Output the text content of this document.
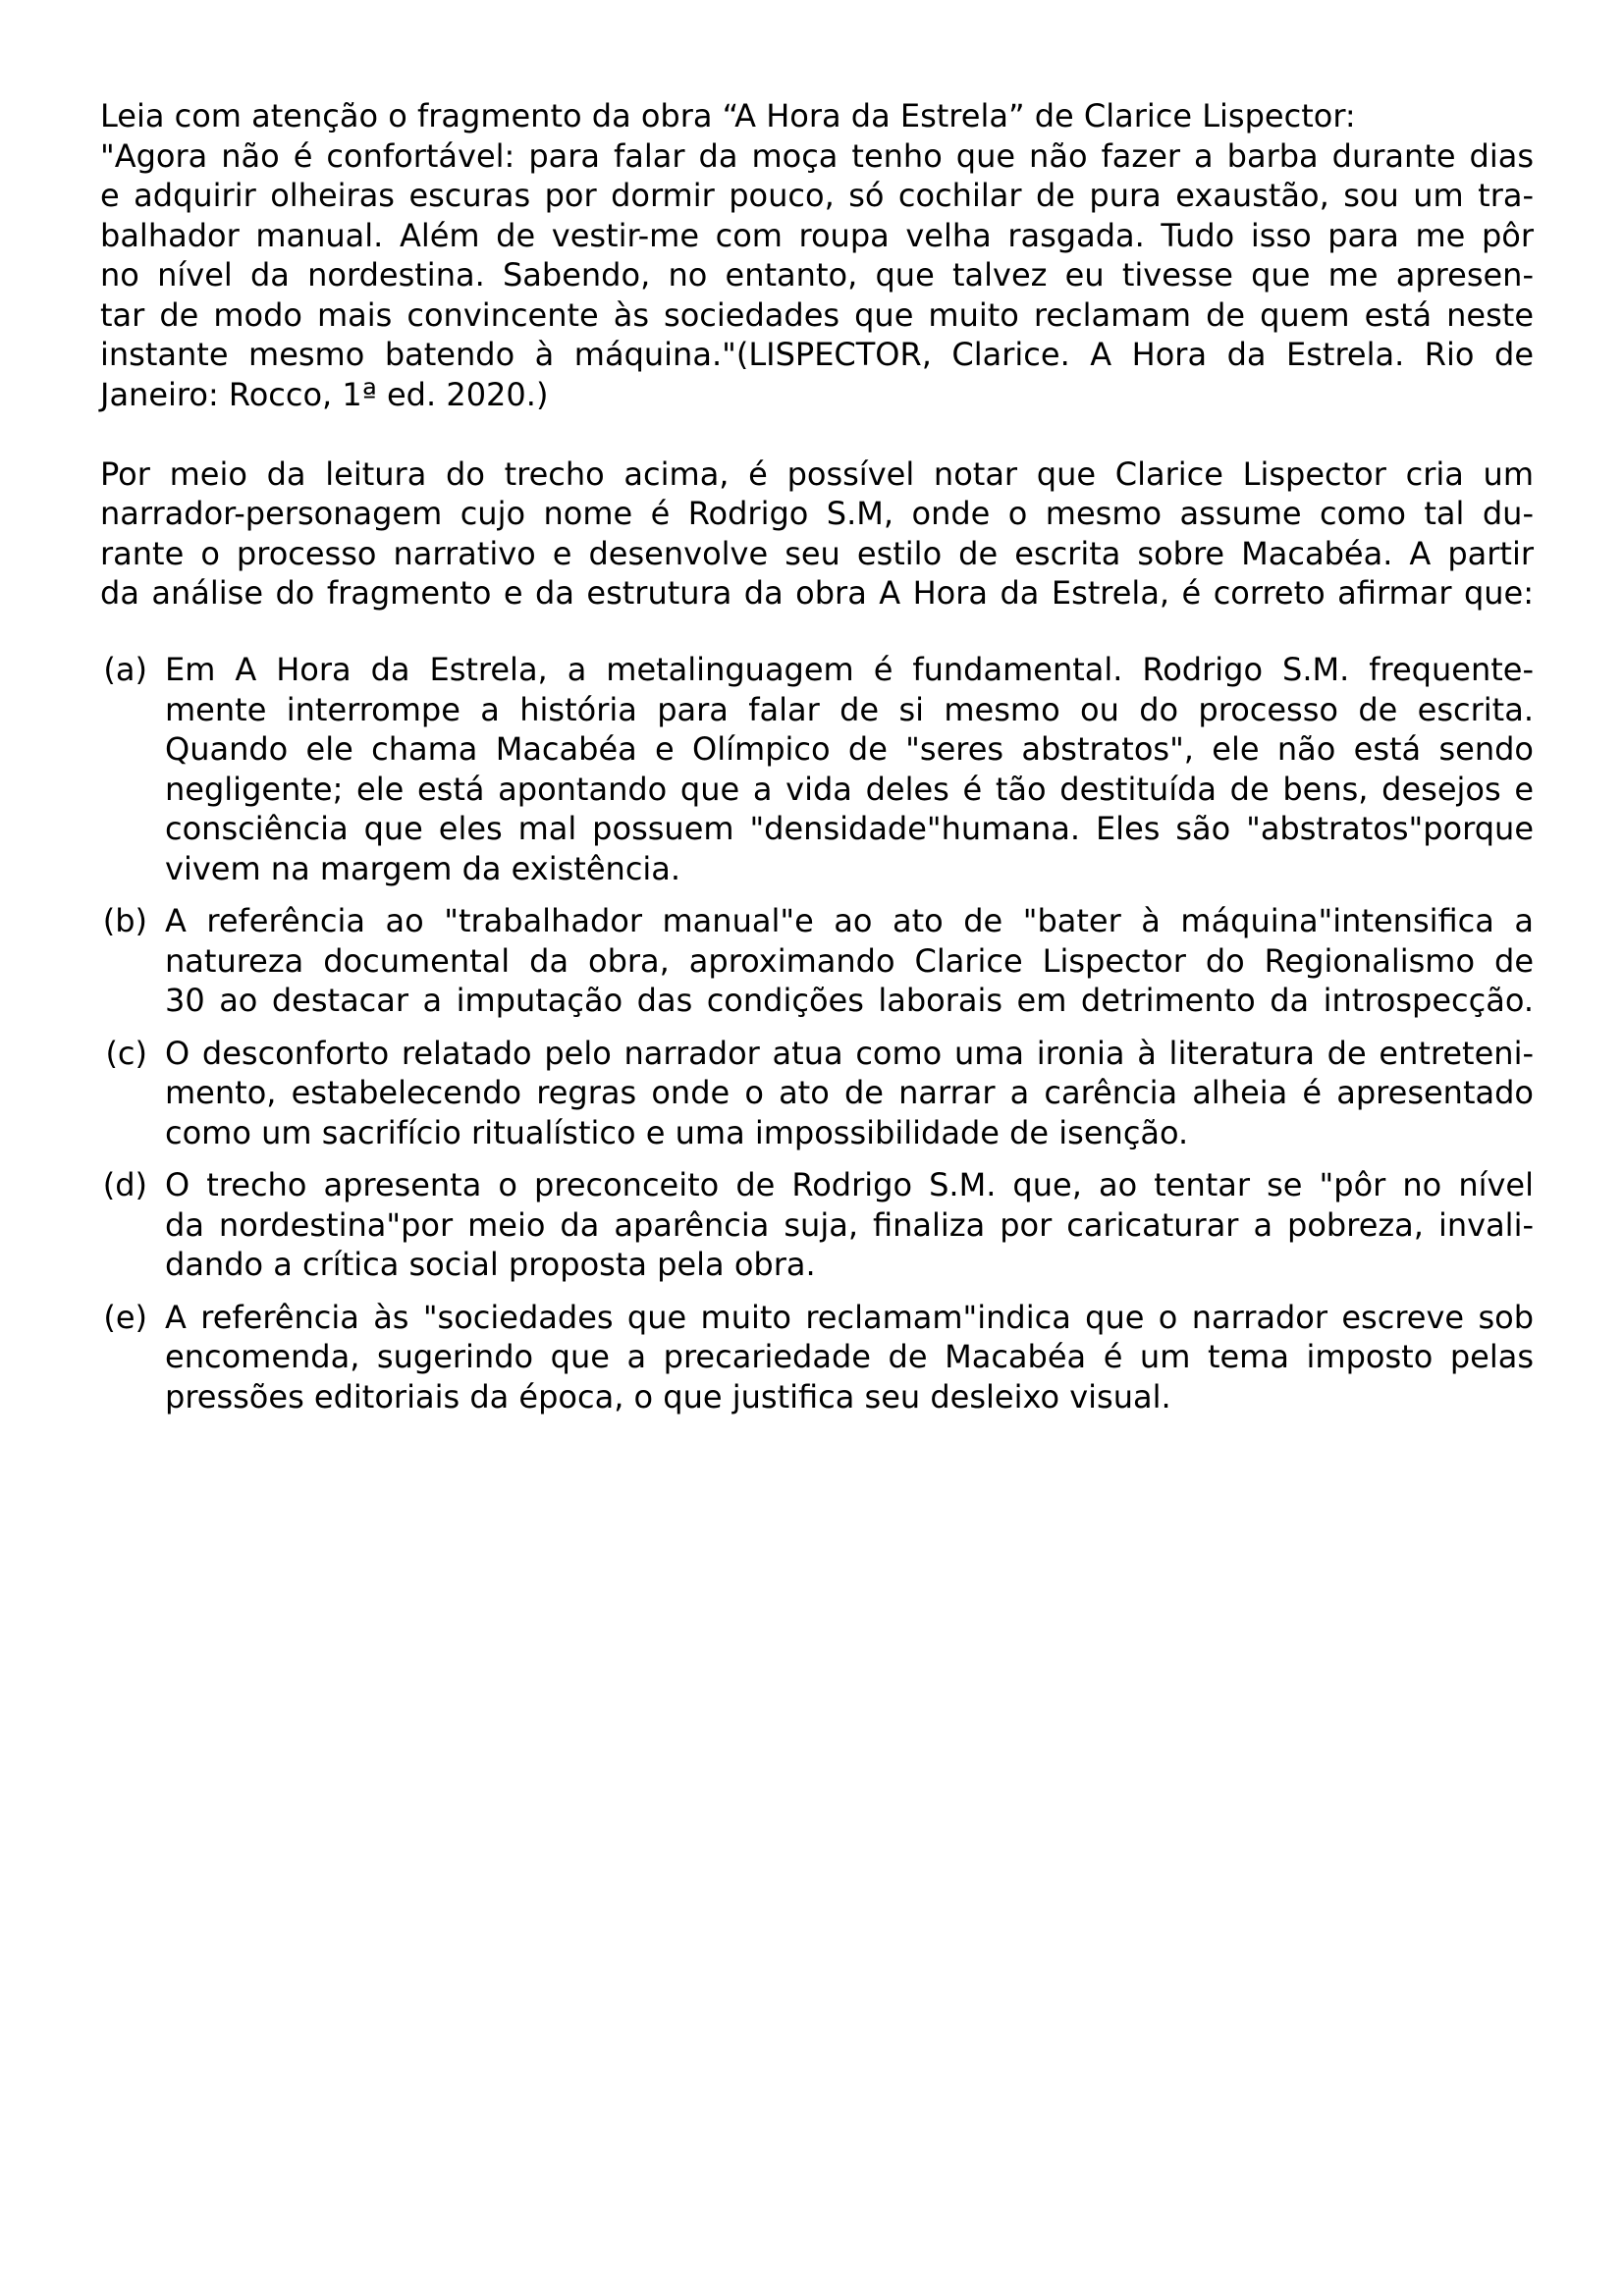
Leia com atenção o fragmento da obra “A Hora da Estrela” de Clarice Lispector:
"Agora não é confortável: para falar da moça tenho que não fazer a barba durante dias
e adquirir olheiras escuras por dormir pouco, só cochilar de pura exaustão, sou um tra-
balhador manual. Além de vestir-me com roupa velha rasgada. Tudo isso para me pôr
no nível da nordestina. Sabendo, no entanto, que talvez eu tivesse que me apresen-
tar de modo mais convincente às sociedades que muito reclamam de quem está neste
instante mesmo batendo à máquina."(LISPECTOR, Clarice. A Hora da Estrela. Rio de
Janeiro: Rocco, 1ª ed. 2020.)
Por meio da leitura do trecho acima, é possível notar que Clarice Lispector cria um
narrador-personagem cujo nome é Rodrigo S.M, onde o mesmo assume como tal du-
rante o processo narrativo e desenvolve seu estilo de escrita sobre Macabéa. A partir
da análise do fragmento e da estrutura da obra A Hora da Estrela, é correto afirmar que:
(a) Em A Hora da Estrela, a metalinguagem é fundamental. Rodrigo S.M. frequente-
mente interrompe a história para falar de si mesmo ou do processo de escrita.
Quando ele chama Macabéa e Olímpico de "seres abstratos", ele não está sendo
negligente; ele está apontando que a vida deles é tão destituída de bens, desejos e
consciência que eles mal possuem "densidade"humana. Eles são "abstratos"porque
vivem na margem da existência.
(b) A referência ao "trabalhador manual"e ao ato de "bater à máquina"intensifica a
natureza documental da obra, aproximando Clarice Lispector do Regionalismo de
30 ao destacar a imputação das condições laborais em detrimento da introspecção.
(c) O desconforto relatado pelo narrador atua como uma ironia à literatura de entreteni-
mento, estabelecendo regras onde o ato de narrar a carência alheia é apresentado
como um sacrifício ritualístico e uma impossibilidade de isenção.
(d) O trecho apresenta o preconceito de Rodrigo S.M. que, ao tentar se "pôr no nível
da nordestina"por meio da aparência suja, finaliza por caricaturar a pobreza, invali-
dando a crítica social proposta pela obra.
(e) A referência às "sociedades que muito reclamam"indica que o narrador escreve sob
encomenda, sugerindo que a precariedade de Macabéa é um tema imposto pelas
pressões editoriais da época, o que justifica seu desleixo visual.
